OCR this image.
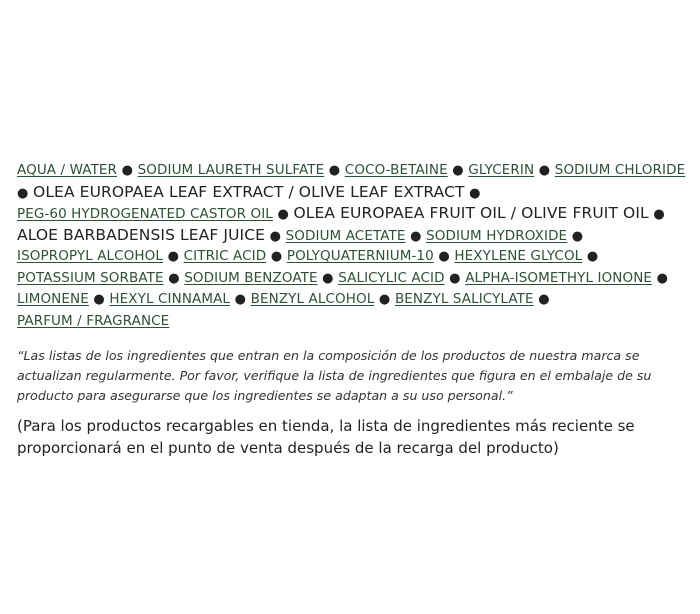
AQUA / WATER ● SODIUM LAURETH SULFATE ● COCO-BETAINE ● GLYCERIN ● SODIUM CHLORIDE
● OLEA EUROPAEA LEAF EXTRACT / OLIVE LEAF EXTRACT ●
PEG-60 HYDROGENATED CASTOR OIL ● OLEA EUROPAEA FRUIT OIL / OLIVE FRUIT OIL ●
ALOE BARBADENSIS LEAF JUICE ● SODIUM ACETATE ● SODIUM HYDROXIDE ●
ISOPROPYL ALCOHOL ● CITRIC ACID ● POLYQUATERNIUM-10 ● HEXYLENE GLYCOL ●
POTASSIUM SORBATE ● SODIUM BENZOATE ● SALICYLIC ACID ● ALPHA-ISOMETHYL IONONE ●
LIMONENE ● HEXYL CINNAMAL ● BENZYL ALCOHOL ● BENZYL SALICYLATE ●
PARFUM / FRAGRANCE
“Las listas de los ingredientes que entran en la composición de los productos de nuestra marca se actualizan regularmente. Por favor, verifique la lista de ingredientes que figura en el embalaje de su producto para asegurarse que los ingredientes se adaptan a su uso personal.”
(Para los productos recargables en tienda, la lista de ingredientes más reciente se proporcionará en el punto de venta después de la recarga del producto)
